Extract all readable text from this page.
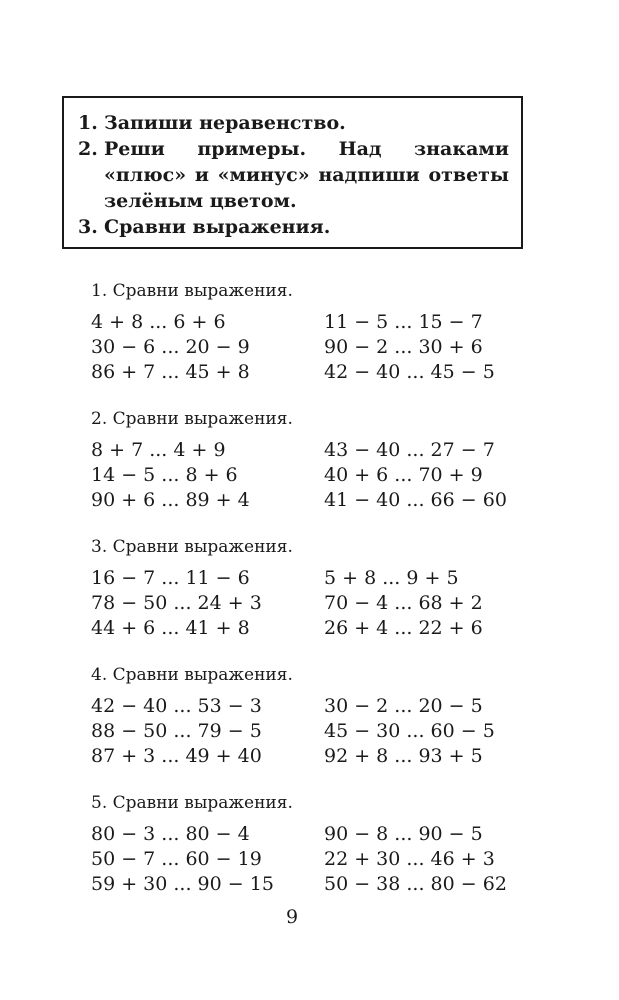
1. Запиши неравенство.
2. Реши примеры. Над знаками «плюс» и «минус» надпиши ответы зелёным цветом.
3. Сравни выражения.
1. Сравни выражения.
4 + 8 ... 6 + 6	11 − 5 ... 15 − 7
30 − 6 ... 20 − 9	90 − 2 ... 30 + 6
86 + 7 ... 45 + 8	42 − 40 ... 45 − 5
2. Сравни выражения.
8 + 7 ... 4 + 9	43 − 40 ... 27 − 7
14 − 5 ... 8 + 6	40 + 6 ... 70 + 9
90 + 6 ... 89 + 4	41 − 40 ... 66 − 60
3. Сравни выражения.
16 − 7 ... 11 − 6	5 + 8 ... 9 + 5
78 − 50 ... 24 + 3	70 − 4 ... 68 + 2
44 + 6 ... 41 + 8	26 + 4 ... 22 + 6
4. Сравни выражения.
42 − 40 ... 53 − 3	30 − 2 ... 20 − 5
88 − 50 ... 79 − 5	45 − 30 ... 60 − 5
87 + 3 ... 49 + 40	92 + 8 ... 93 + 5
5. Сравни выражения.
80 − 3 ... 80 − 4	90 − 8 ... 90 − 5
50 − 7 ... 60 − 19	22 + 30 ... 46 + 3
59 + 30 ... 90 − 15	50 − 38 ... 80 − 62
9
